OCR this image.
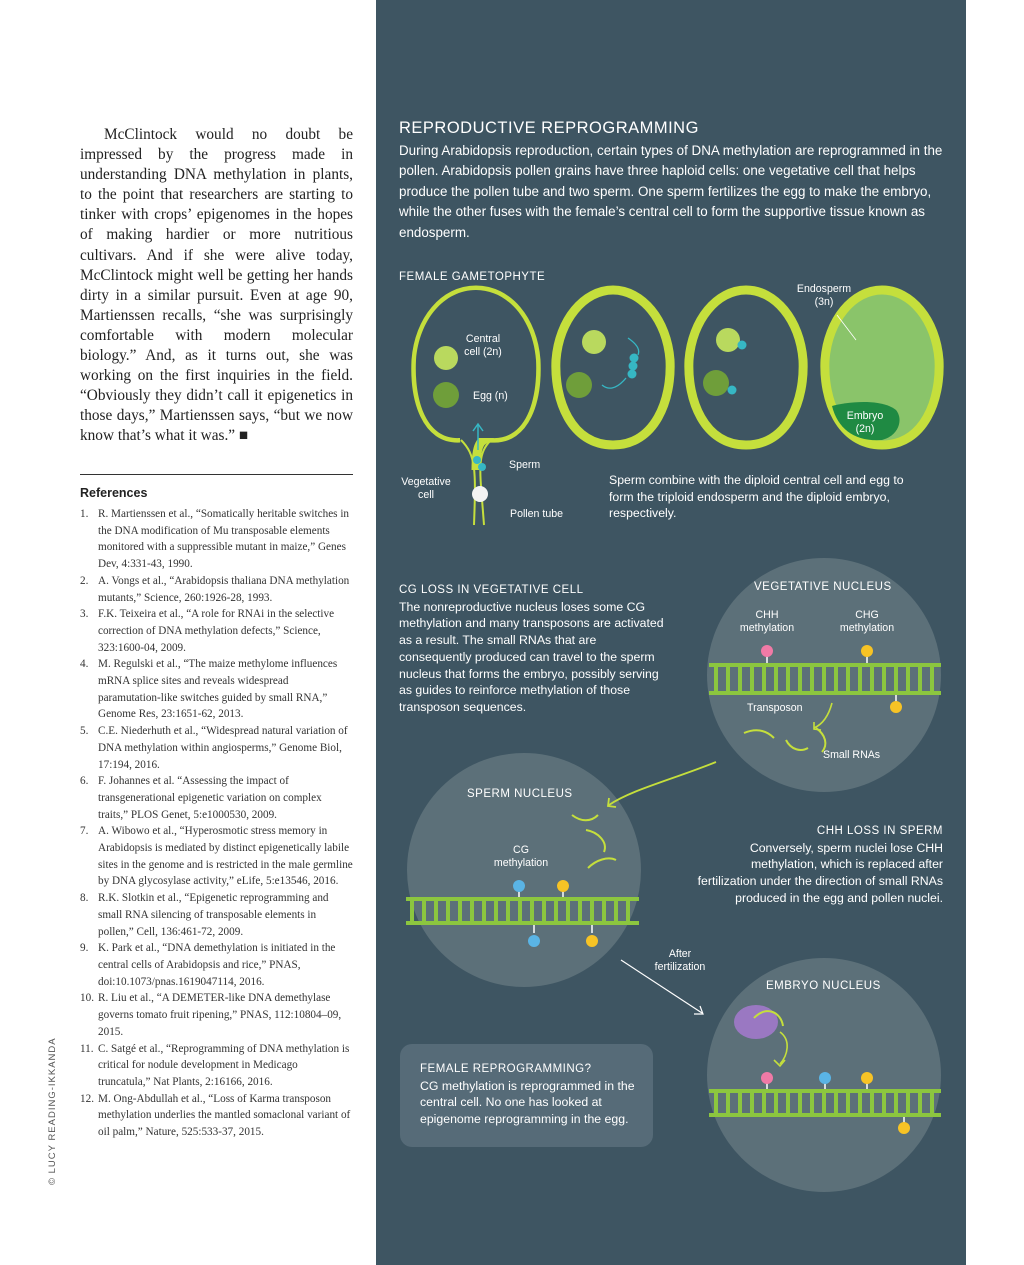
McClintock would no doubt be impressed by the progress made in understanding DNA methylation in plants, to the point that researchers are starting to tinker with crops’ epigenomes in the hopes of making hardier or more nutritious cultivars. And if she were alive today, McClintock might well be getting her hands dirty in a similar pursuit. Even at age 90, Martienssen recalls, “she was surprisingly comfortable with modern molecular biology.” And, as it turns out, she was working on the first inquiries in the field. “Obviously they didn’t call it epigenetics in those days,” Martienssen says, “but we now know that’s what it was.” ■

References
1. R. Martienssen et al., “Somatically heritable switches in the DNA modification of Mu transposable elements monitored with a suppressible mutant in maize,” Genes Dev, 4:331-43, 1990.
2. A. Vongs et al., “Arabidopsis thaliana DNA methylation mutants,” Science, 260:1926-28, 1993.
3. F.K. Teixeira et al., “A role for RNAi in the selective correction of DNA methylation defects,” Science, 323:1600-04, 2009.
4. M. Regulski et al., “The maize methylome influences mRNA splice sites and reveals widespread paramutation-like switches guided by small RNA,” Genome Res, 23:1651-62, 2013.
5. C.E. Niederhuth et al., “Widespread natural variation of DNA methylation within angiosperms,” Genome Biol, 17:194, 2016.
6. F. Johannes et al. “Assessing the impact of transgenerational epigenetic variation on complex traits,” PLOS Genet, 5:e1000530, 2009.
7. A. Wibowo et al., “Hyperosmotic stress memory in Arabidopsis is mediated by distinct epigenetically labile sites in the genome and is restricted in the male germline by DNA glycosylase activity,” eLife, 5:e13546, 2016.
8. R.K. Slotkin et al., “Epigenetic reprogramming and small RNA silencing of transposable elements in pollen,” Cell, 136:461-72, 2009.
9. K. Park et al., “DNA demethylation is initiated in the central cells of Arabidopsis and rice,” PNAS, doi:10.1073/pnas.1619047114, 2016.
10. R. Liu et al., “A DEMETER-like DNA demethylase governs tomato fruit ripening,” PNAS, 112:10804–09, 2015.
11. C. Satgé et al., “Reprogramming of DNA methylation is critical for nodule development in Medicago truncatula,” Nat Plants, 2:16166, 2016.
12. M. Ong-Abdullah et al., “Loss of Karma transposon methylation underlies the mantled somaclonal variant of oil palm,” Nature, 525:533-37, 2015.
© LUCY READING-IKKANDA
REPRODUCTIVE REPROGRAMMING

During Arabidopsis reproduction, certain types of DNA methylation are reprogrammed in the pollen. Arabidopsis pollen grains have three haploid cells: one vegetative cell that helps produce the pollen tube and two sperm. One sperm fertilizes the egg to make the embryo, while the other fuses with the female’s central cell to form the supportive tissue known as endosperm.

FEMALE GAMETOPHYTE
Central cell (2n)
Egg (n)
Sperm
Vegetative cell
Pollen tube
Endosperm (3n)
Embryo (2n)
Sperm combine with the diploid central cell and egg to form the triploid endosperm and the diploid embryo, respectively.
CG LOSS IN VEGETATIVE CELL
The nonreproductive nucleus loses some CG methylation and many transposons are activated as a result. The small RNAs that are consequently produced can travel to the sperm nucleus that forms the embryo, possibly serving as guides to reinforce methylation of those transposon sequences.
VEGETATIVE NUCLEUS
CHH methylation
CHG methylation
Transposon
Small RNAs
SPERM NUCLEUS
CG methylation
CHH LOSS IN SPERM
Conversely, sperm nuclei lose CHH methylation, which is replaced after fertilization under the direction of small RNAs produced in the egg and pollen nuclei.
After fertilization
EMBRYO NUCLEUS
FEMALE REPROGRAMMING?
CG methylation is reprogrammed in the central cell. No one has looked at epigenome reprogramming in the egg.
